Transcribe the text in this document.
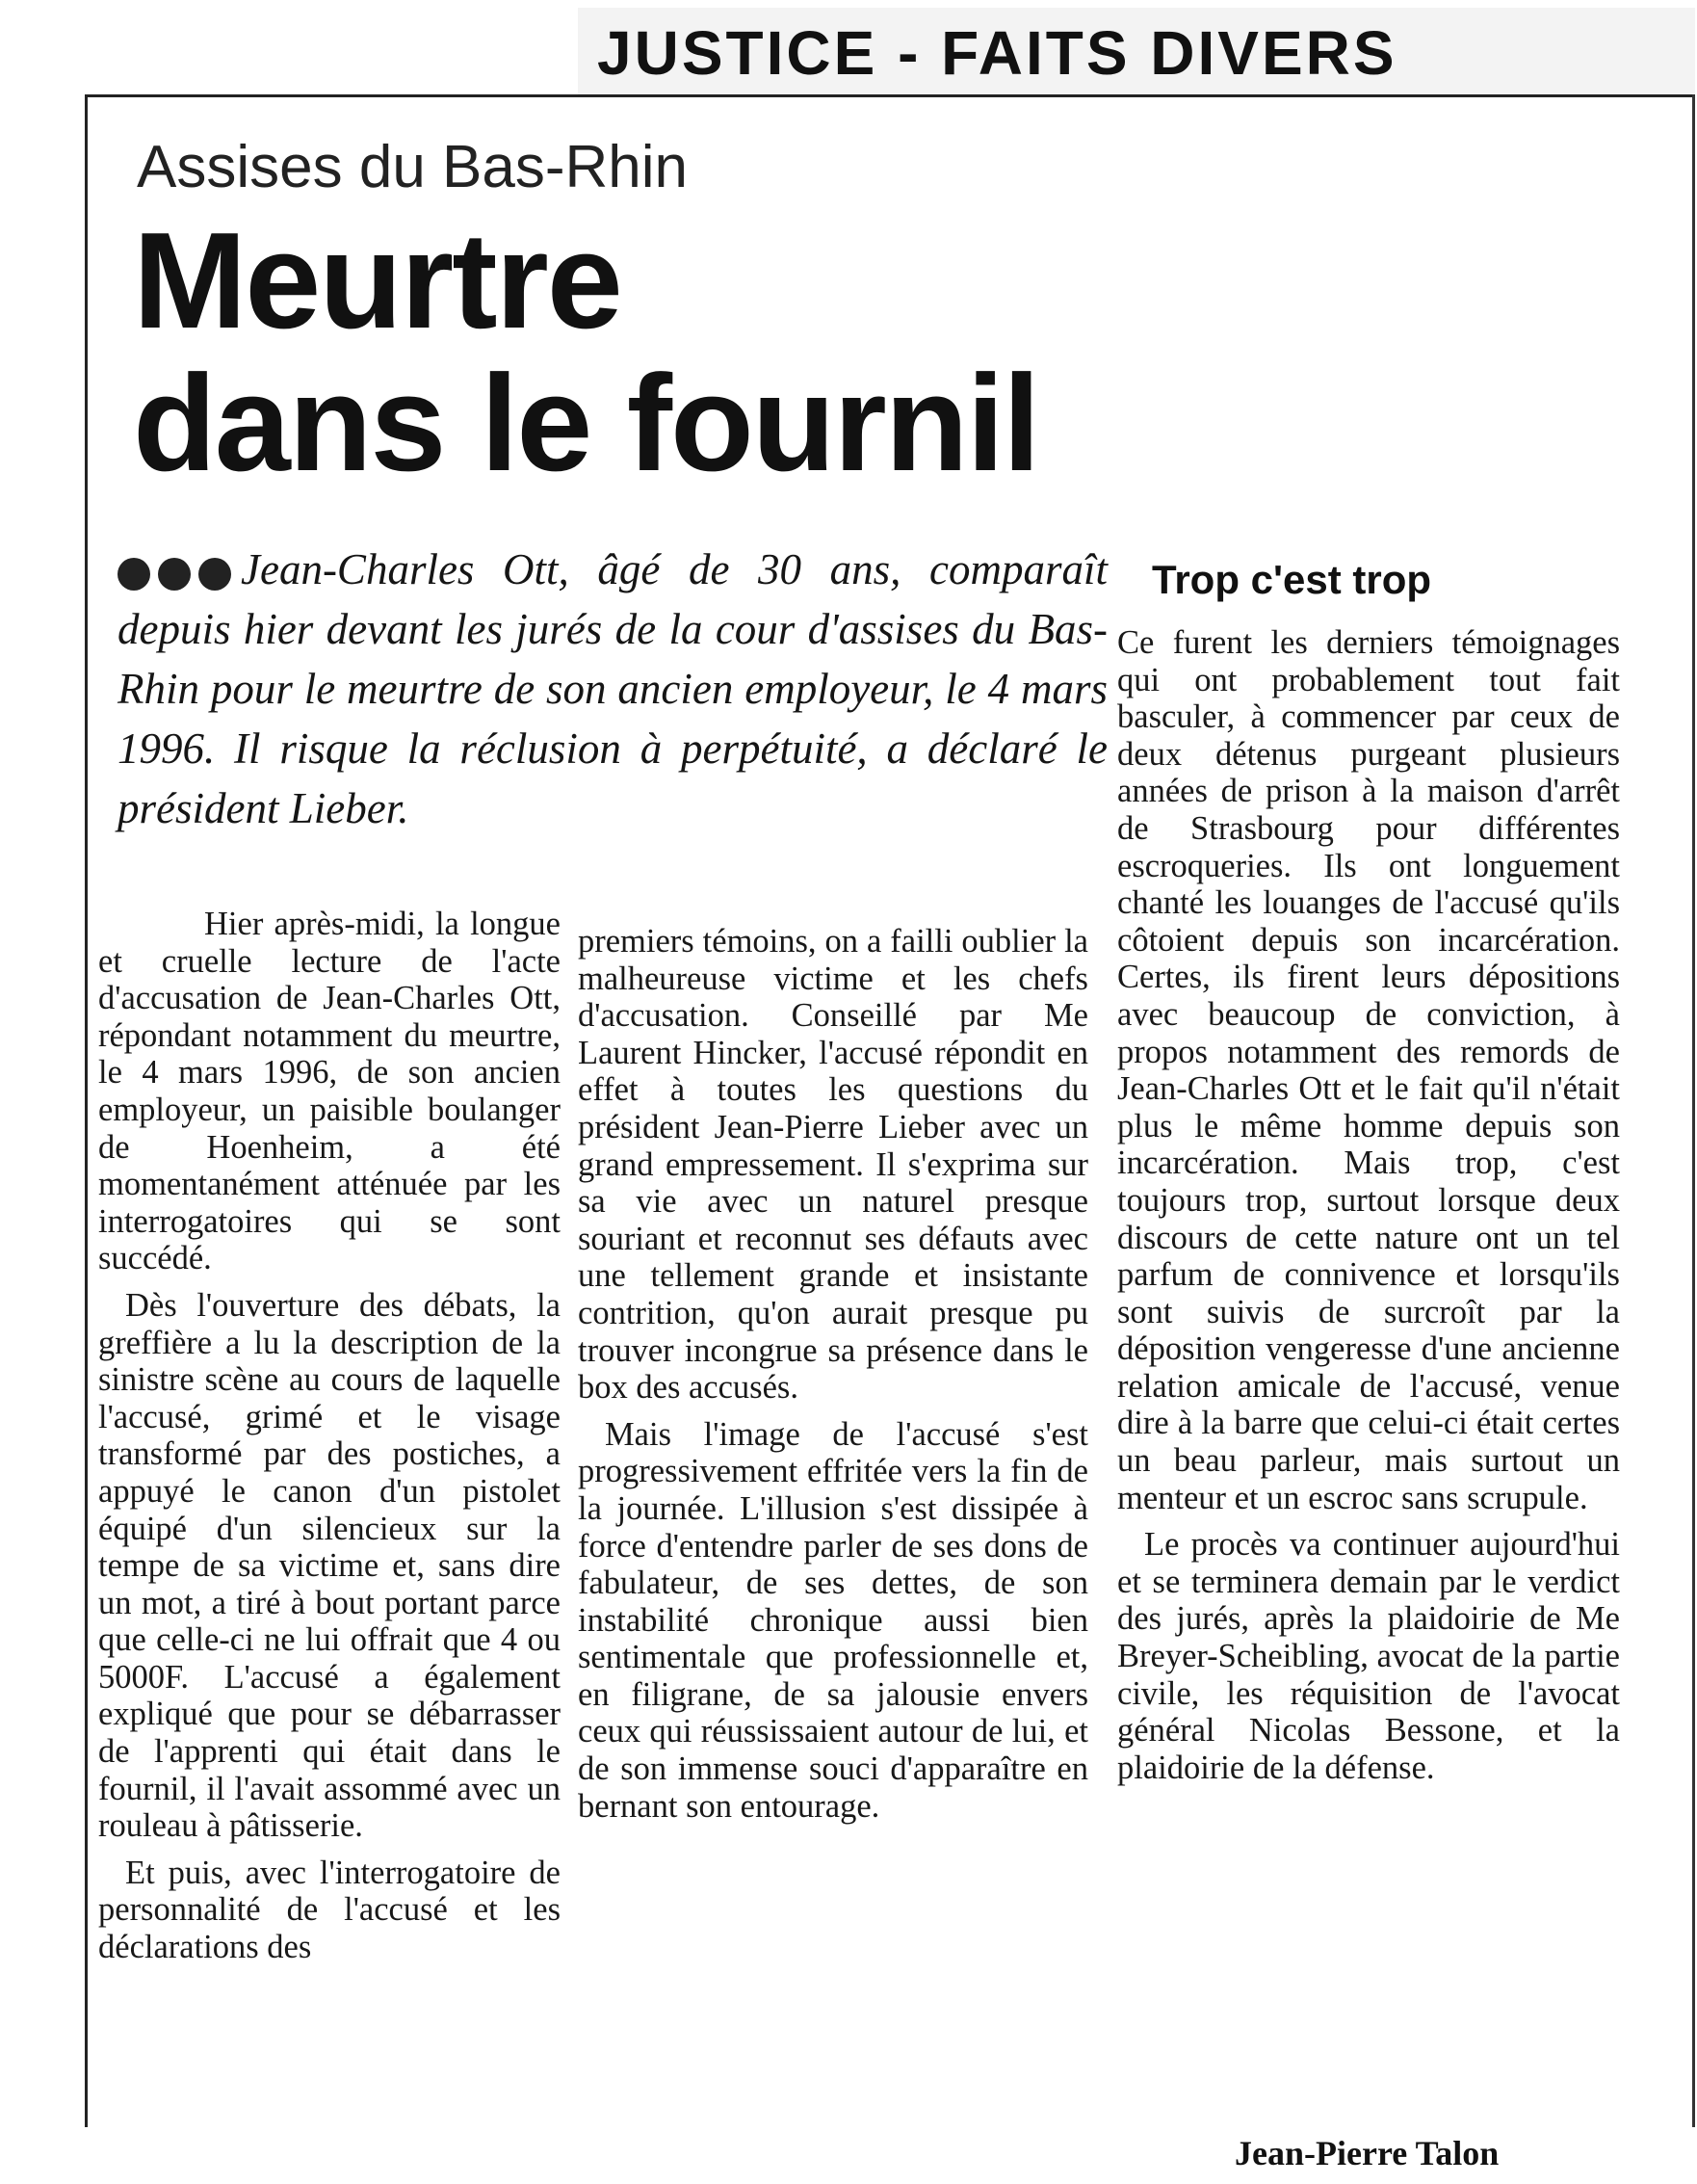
JUSTICE - FAITS DIVERS
Assises du Bas-Rhin
Meurtre
dans le fournil
Jean-Charles Ott, âgé de 30 ans, comparaît depuis hier devant les jurés de la cour d'assises du Bas-Rhin pour le meurtre de son ancien employeur, le 4 mars 1996. Il risque la réclusion à perpétuité, a déclaré le président Lieber.

Hier après-midi, la longue et cruelle lecture de l'acte d'accusation de Jean-Charles Ott, répondant notamment du meurtre, le 4 mars 1996, de son ancien employeur, un paisible boulanger de Hoenheim, a été momentanément atténuée par les interrogatoires qui se sont succédé.

Dès l'ouverture des débats, la greffière a lu la description de la sinistre scène au cours de laquelle l'accusé, grimé et le visage transformé par des postiches, a appuyé le canon d'un pistolet équipé d'un silencieux sur la tempe de sa victime et, sans dire un mot, a tiré à bout portant parce que celle-ci ne lui offrait que 4 ou 5000F. L'accusé a également expliqué que pour se débarrasser de l'apprenti qui était dans le fournil, il l'avait assommé avec un rouleau à pâtisserie.

Et puis, avec l'interrogatoire de personnalité de l'accusé et les déclarations des

premiers témoins, on a failli oublier la malheureuse victime et les chefs d'accusation. Conseillé par Me Laurent Hincker, l'accusé répondit en effet à toutes les questions du président Jean-Pierre Lieber avec un grand empressement. Il s'exprima sur sa vie avec un naturel presque souriant et reconnut ses défauts avec une tellement grande et insistante contrition, qu'on aurait presque pu trouver incongrue sa présence dans le box des accusés.

Mais l'image de l'accusé s'est progressivement effritée vers la fin de la journée. L'illusion s'est dissipée à force d'entendre parler de ses dons de fabulateur, de ses dettes, de son instabilité chronique aussi bien sentimentale que professionnelle et, en filigrane, de sa jalousie envers ceux qui réussissaient autour de lui, et de son immense souci d'apparaître en bernant son entourage.

Trop c'est trop

Ce furent les derniers témoignages qui ont probablement tout fait basculer, à commencer par ceux de deux détenus purgeant plusieurs années de prison à la maison d'arrêt de Strasbourg pour différentes escroqueries. Ils ont longuement chanté les louanges de l'accusé qu'ils côtoient depuis son incarcération. Certes, ils firent leurs dépositions avec beaucoup de conviction, à propos notamment des remords de Jean-Charles Ott et le fait qu'il n'était plus le même homme depuis son incarcération. Mais trop, c'est toujours trop, surtout lorsque deux discours de cette nature ont un tel parfum de connivence et lorsqu'ils sont suivis de surcroît par la déposition vengeresse d'une ancienne relation amicale de l'accusé, venue dire à la barre que celui-ci était certes un beau parleur, mais surtout un menteur et un escroc sans scrupule.

Le procès va continuer aujourd'hui et se terminera demain par le verdict des jurés, après la plaidoirie de Me Breyer-Scheibling, avocat de la partie civile, les réquisition de l'avocat général Nicolas Bessone, et la plaidoirie de la défense.

Jean-Pierre Talon
